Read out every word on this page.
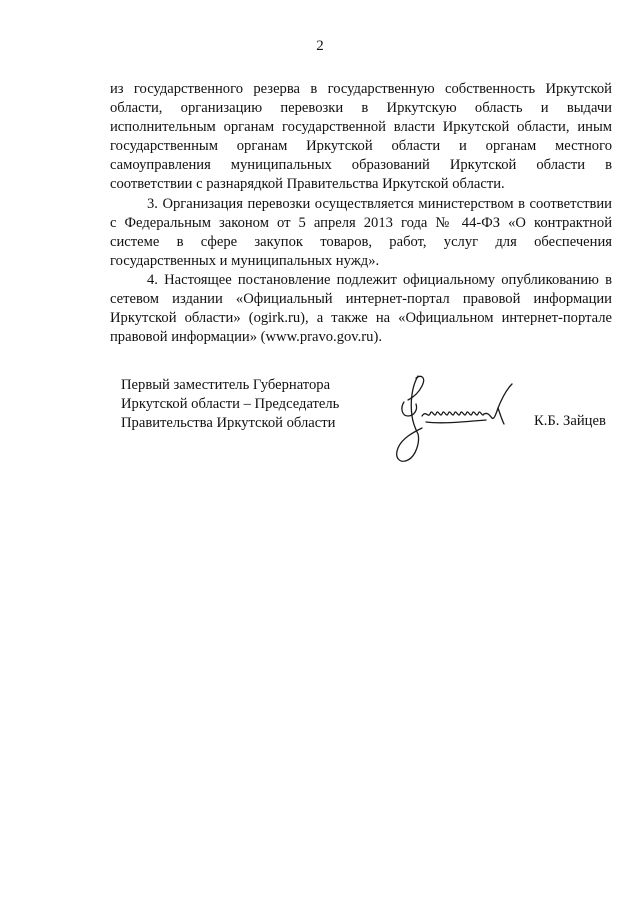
2

из государственного резерва в государственную собственность Иркутской области, организацию перевозки в Иркутскую область и выдачи исполнительным органам государственной власти Иркутской области, иным государственным органам Иркутской области и органам местного самоуправления муниципальных образований Иркутской области в соответствии с разнарядкой Правительства Иркутской области.

3. Организация перевозки осуществляется министерством в соответствии с Федеральным законом от 5 апреля 2013 года № 44-ФЗ «О контрактной системе в сфере закупок товаров, работ, услуг для обеспечения государственных и муниципальных нужд».

4. Настоящее постановление подлежит официальному опубликованию в сетевом издании «Официальный интернет-портал правовой информации Иркутской области» (ogirk.ru), а также на «Официальном интернет-портале правовой информации» (www.pravo.gov.ru).

Первый заместитель Губернатора
Иркутской области – Председатель
Правительства Иркутской области	К.Б. Зайцев
